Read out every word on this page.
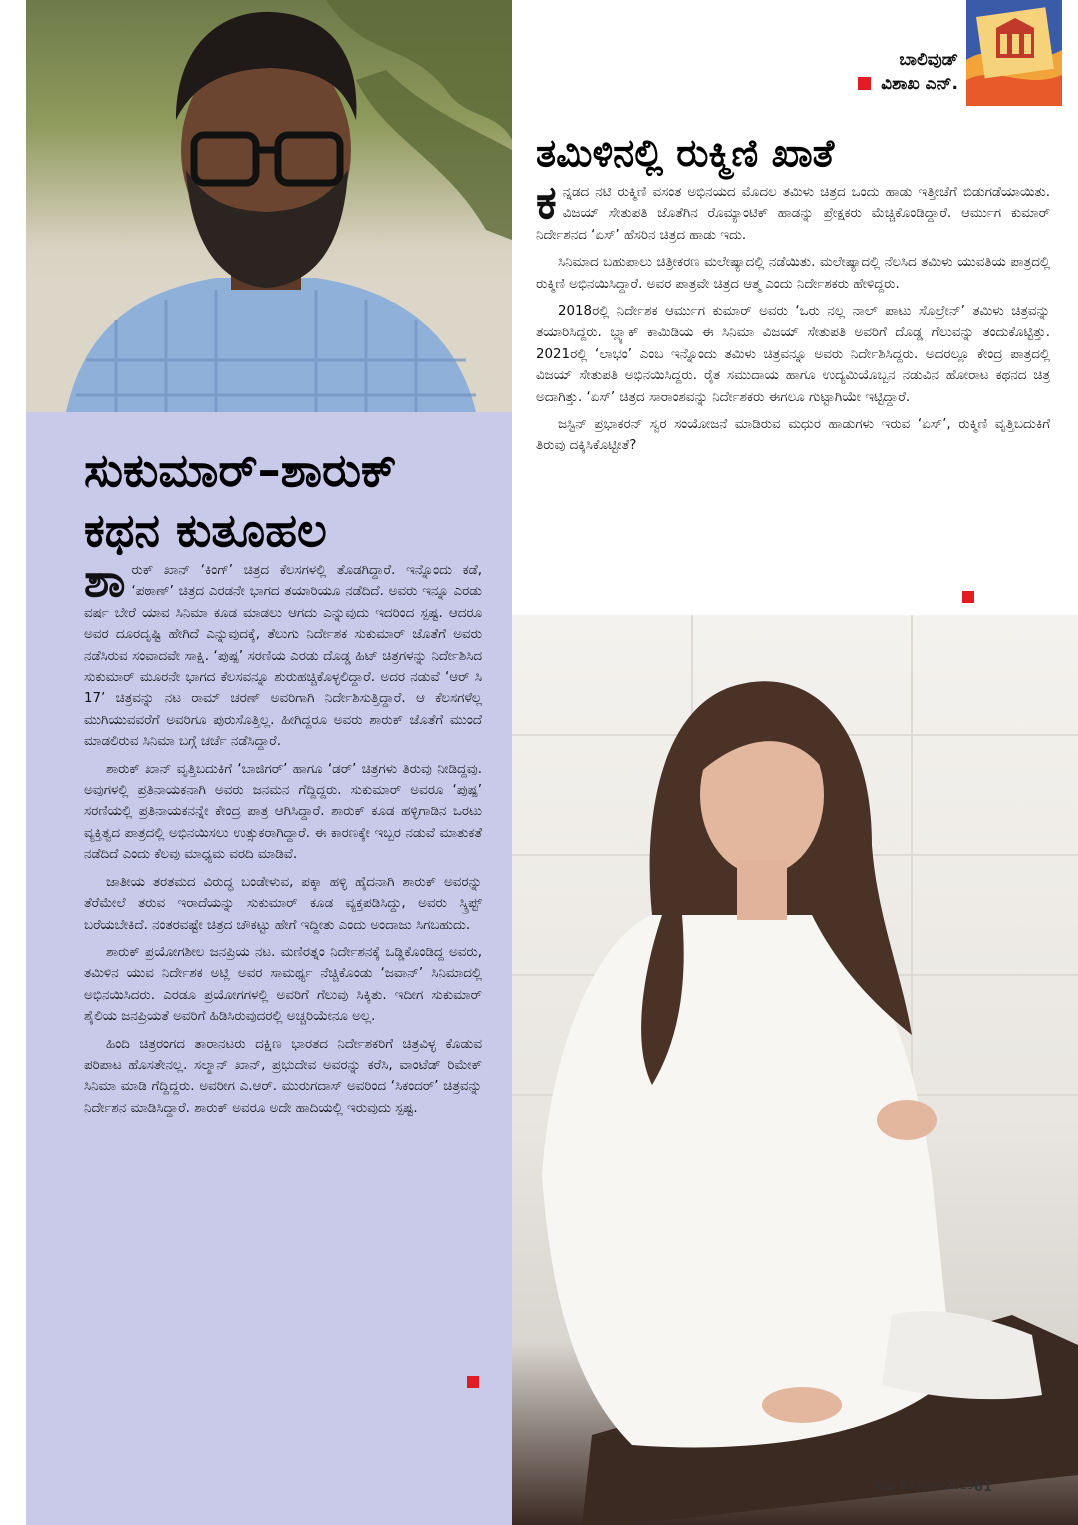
ಬಾಲಿವುಡ್
ವಿಶಾಖ ಎನ್.
ತಮಿಳಿನಲ್ಲಿ ರುಕ್ಮಿಣಿ ಖಾತೆ

ಕನ್ನಡದ ನಟಿ ರುಕ್ಮಿಣಿ ವಸಂತ ಅಭಿನಯದ ಮೊದಲ ತಮಿಳು ಚಿತ್ರದ ಒಂದು ಹಾಡು ಇತ್ತೀಚೆಗೆ ಬಿಡುಗಡೆಯಾಯಿತು. ವಿಜಯ್ ಸೇತುಪತಿ ಜೊತೆಗಿನ ರೊಮ್ಯಾಂಟಿಕ್ ಹಾಡನ್ನು ಪ್ರೇಕ್ಷಕರು ಮೆಚ್ಚಿಕೊಂಡಿದ್ದಾರೆ. ಆರ್ಮುಗ ಕುಮಾರ್ ನಿರ್ದೇಶನದ ‘ಏಸ್’ ಹೆಸರಿನ ಚಿತ್ರದ ಹಾಡು ಇದು.

ಸಿನಿಮಾದ ಬಹುಪಾಲು ಚಿತ್ರೀಕರಣ ಮಲೇಷ್ಯಾದಲ್ಲಿ ನಡೆಯಿತು. ಮಲೇಷ್ಯಾದಲ್ಲಿ ನೆಲಸಿದ ತಮಿಳು ಯುವತಿಯ ಪಾತ್ರದಲ್ಲಿ ರುಕ್ಮಿಣಿ ಅಭಿನಯಿಸಿದ್ದಾರೆ. ಅವರ ಪಾತ್ರವೇ ಚಿತ್ರದ ಆತ್ಮ ಎಂದು ನಿರ್ದೇಶಕರು ಹೇಳಿದ್ದರು.

2018ರಲ್ಲಿ ನಿರ್ದೇಶಕ ಆರ್ಮುಗ ಕುಮಾರ್ ಅವರು ‘ಒರು ನಲ್ಲ ನಾಲ್ ಪಾಟು ಸೊಲ್ರೇನ್’ ತಮಿಳು ಚಿತ್ರವನ್ನು ತಯಾರಿಸಿದ್ದರು. ಬ್ಲ್ಯಾಕ್ ಕಾಮಿಡಿಯ ಈ ಸಿನಿಮಾ ವಿಜಯ್ ಸೇತುಪತಿ ಅವರಿಗೆ ದೊಡ್ಡ ಗೆಲುವನ್ನು ತಂದುಕೊಟ್ಟಿತ್ತು. 2021ರಲ್ಲಿ ‘ಲಾಭಂ’ ಎಂಬ ಇನ್ನೊಂದು ತಮಿಳು ಚಿತ್ರವನ್ನೂ ಅವರು ನಿರ್ದೇಶಿಸಿದ್ದರು. ಅದರಲ್ಲೂ ಕೇಂದ್ರ ಪಾತ್ರದಲ್ಲಿ ವಿಜಯ್ ಸೇತುಪತಿ ಅಭಿನಯಿಸಿದ್ದರು. ರೈತ ಸಮುದಾಯ ಹಾಗೂ ಉದ್ಯಮಿಯೊಬ್ಬನ ನಡುವಿನ ಹೋರಾಟ ಕಥನದ ಚಿತ್ರ ಅದಾಗಿತ್ತು. ‘ಏಸ್’ ಚಿತ್ರದ ಸಾರಾಂಶವನ್ನು ನಿರ್ದೇಶಕರು ಈಗಲೂ ಗುಟ್ಟಾಗಿಯೇ ಇಟ್ಟಿದ್ದಾರೆ.

ಜಸ್ಟಿನ್ ಪ್ರಭಾಕರನ್ ಸ್ವರ ಸಂಯೋಜನೆ ಮಾಡಿರುವ ಮಧುರ ಹಾಡುಗಳು ಇರುವ ‘ಏಸ್’, ರುಕ್ಮಿಣಿ ವೃತ್ತಿಬದುಕಿಗೆ ತಿರುವು ದಕ್ಕಿಸಿಕೊಟ್ಟೀತೆ?

ಸುಕುಮಾರ್–ಶಾರುಕ್
ಕಥನ ಕುತೂಹಲ

ಶಾರುಕ್ ಖಾನ್ ‘ಕಿಂಗ್’ ಚಿತ್ರದ ಕೆಲಸಗಳಲ್ಲಿ ತೊಡಗಿದ್ದಾರೆ. ಇನ್ನೊಂದು ಕಡೆ, ‘ಪಠಾಣ್’ ಚಿತ್ರದ ಎರಡನೇ ಭಾಗದ ತಯಾರಿಯೂ ನಡೆದಿದೆ. ಅವರು ಇನ್ನೂ ಎರಡು ವರ್ಷ ಬೇರೆ ಯಾವ ಸಿನಿಮಾ ಕೂಡ ಮಾಡಲು ಆಗದು ಎನ್ನುವುದು ಇದರಿಂದ ಸ್ಪಷ್ಟ. ಆದರೂ ಅವರ ದೂರದೃಷ್ಟಿ ಹೇಗಿದೆ ಎನ್ನುವುದಕ್ಕೆ, ತೆಲುಗು ನಿರ್ದೇಶಕ ಸುಕುಮಾರ್ ಜೊತೆಗೆ ಅವರು ನಡೆಸಿರುವ ಸಂವಾದವೇ ಸಾಕ್ಷಿ. ‘ಪುಷ್ಪ’ ಸರಣಿಯ ಎರಡು ದೊಡ್ಡ ಹಿಟ್ ಚಿತ್ರಗಳನ್ನು ನಿರ್ದೇಶಿಸಿದ ಸುಕುಮಾರ್ ಮೂರನೇ ಭಾಗದ ಕೆಲಸವನ್ನೂ ಶುರುಹಚ್ಚಿಕೊಳ್ಳಲಿದ್ದಾರೆ. ಅದರ ನಡುವೆ ‘ಆರ್ ಸಿ 17’ ಚಿತ್ರವನ್ನು ನಟ ರಾಮ್ ಚರಣ್ ಅವರಿಗಾಗಿ ನಿರ್ದೇಶಿಸುತ್ತಿದ್ದಾರೆ. ಆ ಕೆಲಸಗಳೆಲ್ಲ ಮುಗಿಯುವವರೆಗೆ ಅವರಿಗೂ ಪುರುಸೊತ್ತಿಲ್ಲ. ಹೀಗಿದ್ದರೂ ಅವರು ಶಾರುಕ್ ಜೊತೆಗೆ ಮುಂದೆ ಮಾಡಲಿರುವ ಸಿನಿಮಾ ಬಗ್ಗೆ ಚರ್ಚೆ ನಡೆಸಿದ್ದಾರೆ.

ಶಾರುಕ್ ಖಾನ್ ವೃತ್ತಿಬದುಕಿಗೆ ‘ಬಾಜಿಗರ್’ ಹಾಗೂ ‘ಡರ್’ ಚಿತ್ರಗಳು ತಿರುವು ನೀಡಿದ್ದವು. ಅವುಗಳಲ್ಲಿ ಪ್ರತಿನಾಯಕನಾಗಿ ಅವರು ಜನಮನ ಗೆದ್ದಿದ್ದರು. ಸುಕುಮಾರ್ ಅವರೂ ‘ಪುಷ್ಪ’ ಸರಣಿಯಲ್ಲಿ ಪ್ರತಿನಾಯಕನನ್ನೇ ಕೇಂದ್ರ ಪಾತ್ರ ಆಗಿಸಿದ್ದಾರೆ. ಶಾರುಕ್ ಕೂಡ ಹಳ್ಳಿಗಾಡಿನ ಒರಟು ವ್ಯಕ್ತಿತ್ವದ ಪಾತ್ರದಲ್ಲಿ ಅಭಿನಯಿಸಲು ಉತ್ಸುಕರಾಗಿದ್ದಾರೆ. ಈ ಕಾರಣಕ್ಕೇ ಇಬ್ಬರ ನಡುವೆ ಮಾತುಕತೆ ನಡೆದಿದೆ ಎಂದು ಕೆಲವು ಮಾಧ್ಯಮ ವರದಿ ಮಾಡಿವೆ.

ಜಾತೀಯ ತರತಮದ ವಿರುದ್ಧ ಬಂಡೇಳುವ, ಪಕ್ಕಾ ಹಳ್ಳಿ ಹೈದನಾಗಿ ಶಾರುಕ್ ಅವರನ್ನು ತೆರೆಮೇಲೆ ತರುವ ಇರಾದೆಯನ್ನು ಸುಕುಮಾರ್ ಕೂಡ ವ್ಯಕ್ತಪಡಿಸಿದ್ದು, ಅವರು ಸ್ಕ್ರಿಪ್ಟ್ ಬರೆಯಬೇಕಿದೆ. ನಂತರವಷ್ಟೇ ಚಿತ್ರದ ಚೌಕಟ್ಟು ಹೇಗೆ ಇದ್ದೀತು ಎಂದು ಅಂದಾಜು ಸಿಗಬಹುದು.

ಶಾರುಕ್ ಪ್ರಯೋಗಶೀಲ ಜನಪ್ರಿಯ ನಟ. ಮಣಿರತ್ನಂ ನಿರ್ದೇಶನಕ್ಕೆ ಒಡ್ಡಿಕೊಂಡಿದ್ದ ಅವರು, ತಮಿಳಿನ ಯುವ ನಿರ್ದೇಶಕ ಅಟ್ಲಿ ಅವರ ಸಾಮರ್ಥ್ಯ ನೆಚ್ಚಿಕೊಂಡು ‘ಜವಾನ್’ ಸಿನಿಮಾದಲ್ಲಿ ಅಭಿನಯಿಸಿದರು. ಎರಡೂ ಪ್ರಯೋಗಗಳಲ್ಲಿ ಅವರಿಗೆ ಗೆಲುವು ಸಿಕ್ಕಿತು. ಇದೀಗ ಸುಕುಮಾರ್ ಶೈಲಿಯ ಜನಪ್ರಿಯತೆ ಅವರಿಗೆ ಹಿಡಿಸಿರುವುದರಲ್ಲಿ ಅಚ್ಚರಿಯೇನೂ ಅಲ್ಲ.

ಹಿಂದಿ ಚಿತ್ರರಂಗದ ತಾರಾನಟರು ದಕ್ಷಿಣ ಭಾರತದ ನಿರ್ದೇಶಕರಿಗೆ ಚಿತ್ರವಿಳ್ಳ ಕೊಡುವ ಪರಿಪಾಟ ಹೊಸತೇನಲ್ಲ. ಸಲ್ಮಾನ್ ಖಾನ್, ಪ್ರಭುದೇವ ಅವರನ್ನು ಕರೆಸಿ, ವಾಂಟೆಡ್ ರಿಮೇಕ್ ಸಿನಿಮಾ ಮಾಡಿ ಗೆದ್ದಿದ್ದರು. ಅವರೀಗ ಎ.ಆರ್. ಮುರುಗದಾಸ್ ಅವರಿಂದ ‘ಸಿಕಂದರ್’ ಚಿತ್ರವನ್ನು ನಿರ್ದೇಶನ ಮಾಡಿಸಿದ್ದಾರೆ. ಶಾರುಕ್ ಅವರೂ ಅದೇ ಹಾದಿಯಲ್ಲಿ ಇರುವುದು ಸ್ಪಷ್ಟ.

ಸುಧಾ 03 ಏಪ್ರಿಲ್ 2025 61
